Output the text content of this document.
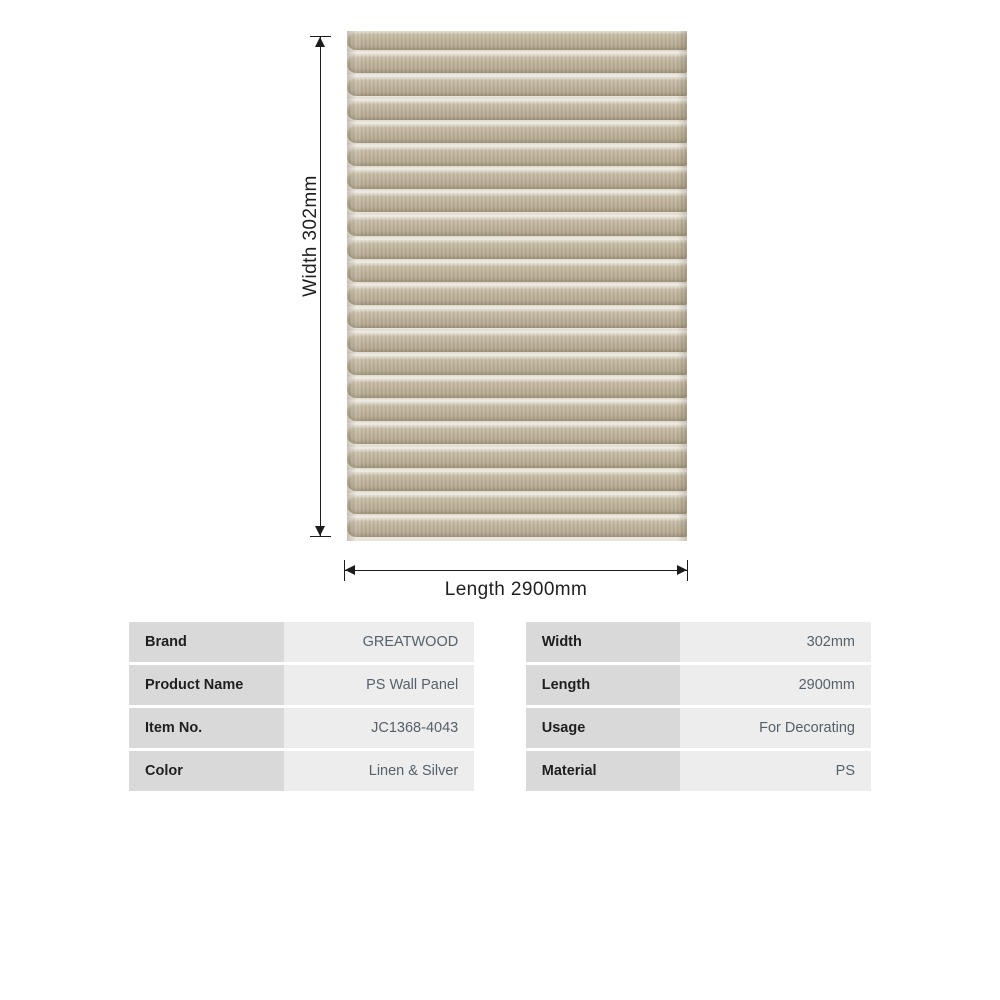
Width 302mm
Length 2900mm
Brand	GREATWOOD		Width	302mm
Product Name	PS Wall Panel		Length	2900mm
Item No.	JC1368-4043		Usage	For Decorating
Color	Linen & Silver		Material	PS
